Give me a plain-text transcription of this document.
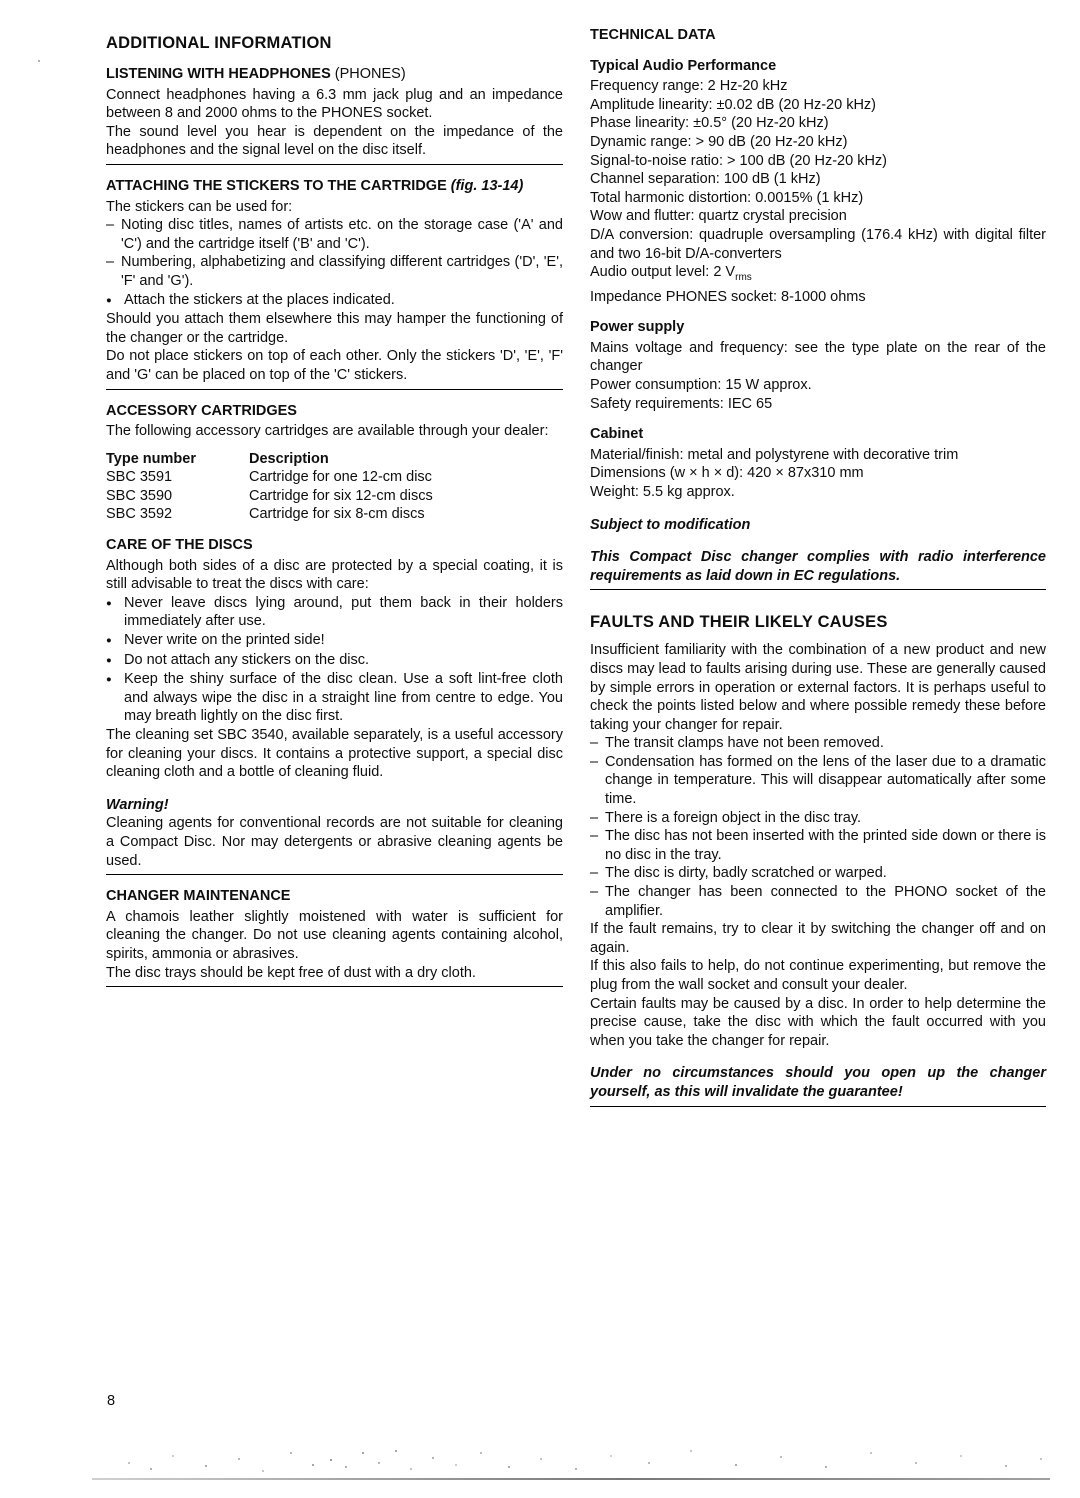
ADDITIONAL INFORMATION
LISTENING WITH HEADPHONES (PHONES)
Connect headphones having a 6.3 mm jack plug and an impedance between 8 and 2000 ohms to the PHONES socket.
The sound level you hear is dependent on the impedance of the headphones and the signal level on the disc itself.
ATTACHING THE STICKERS TO THE CARTRIDGE (fig. 13-14)
The stickers can be used for:
– Noting disc titles, names of artists etc. on the storage case ('A' and 'C') and the cartridge itself ('B' and 'C').
– Numbering, alphabetizing and classifying different cartridges ('D', 'E', 'F' and 'G').
● Attach the stickers at the places indicated.
Should you attach them elsewhere this may hamper the functioning of the changer or the cartridge.
Do not place stickers on top of each other. Only the stickers 'D', 'E', 'F' and 'G' can be placed on top of the 'C' stickers.
ACCESSORY CARTRIDGES
The following accessory cartridges are available through your dealer:
Type number	Description
SBC 3591	Cartridge for one 12-cm disc
SBC 3590	Cartridge for six 12-cm discs
SBC 3592	Cartridge for six 8-cm discs
CARE OF THE DISCS
Although both sides of a disc are protected by a special coating, it is still advisable to treat the discs with care:
● Never leave discs lying around, put them back in their holders immediately after use.
● Never write on the printed side!
● Do not attach any stickers on the disc.
● Keep the shiny surface of the disc clean. Use a soft lint-free cloth and always wipe the disc in a straight line from centre to edge. You may breath lightly on the disc first.
The cleaning set SBC 3540, available separately, is a useful accessory for cleaning your discs. It contains a protective support, a special disc cleaning cloth and a bottle of cleaning fluid.
Warning!
Cleaning agents for conventional records are not suitable for cleaning a Compact Disc. Nor may detergents or abrasive cleaning agents be used.
CHANGER MAINTENANCE
A chamois leather slightly moistened with water is sufficient for cleaning the changer. Do not use cleaning agents containing alcohol, spirits, ammonia or abrasives.
The disc trays should be kept free of dust with a dry cloth.
TECHNICAL DATA
Typical Audio Performance
Frequency range: 2 Hz-20 kHz
Amplitude linearity: ±0.02 dB (20 Hz-20 kHz)
Phase linearity: ±0.5° (20 Hz-20 kHz)
Dynamic range: > 90 dB (20 Hz-20 kHz)
Signal-to-noise ratio: > 100 dB (20 Hz-20 kHz)
Channel separation: 100 dB (1 kHz)
Total harmonic distortion: 0.0015% (1 kHz)
Wow and flutter: quartz crystal precision
D/A conversion: quadruple oversampling (176.4 kHz) with digital filter and two 16-bit D/A-converters
Audio output level: 2 $V_{rms}$
Impedance PHONES socket: 8-1000 ohms
Power supply
Mains voltage and frequency: see the type plate on the rear of the changer
Power consumption: 15 W approx.
Safety requirements: IEC 65
Cabinet
Material/finish: metal and polystyrene with decorative trim
Dimensions (w × h × d): 420 × 87x310 mm
Weight: 5.5 kg approx.
Subject to modification
This Compact Disc changer complies with radio interference requirements as laid down in EC regulations.
FAULTS AND THEIR LIKELY CAUSES
Insufficient familiarity with the combination of a new product and new discs may lead to faults arising during use. These are generally caused by simple errors in operation or external factors. It is perhaps useful to check the points listed below and where possible remedy these before taking your changer for repair.
– The transit clamps have not been removed.
– Condensation has formed on the lens of the laser due to a dramatic change in temperature. This will disappear automatically after some time.
– There is a foreign object in the disc tray.
– The disc has not been inserted with the printed side down or there is no disc in the tray.
– The disc is dirty, badly scratched or warped.
– The changer has been connected to the PHONO socket of the amplifier.
If the fault remains, try to clear it by switching the changer off and on again.
If this also fails to help, do not continue experimenting, but remove the plug from the wall socket and consult your dealer.
Certain faults may be caused by a disc. In order to help determine the precise cause, take the disc with which the fault occurred with you when you take the changer for repair.
Under no circumstances should you open up the changer yourself, as this will invalidate the guarantee!
8
